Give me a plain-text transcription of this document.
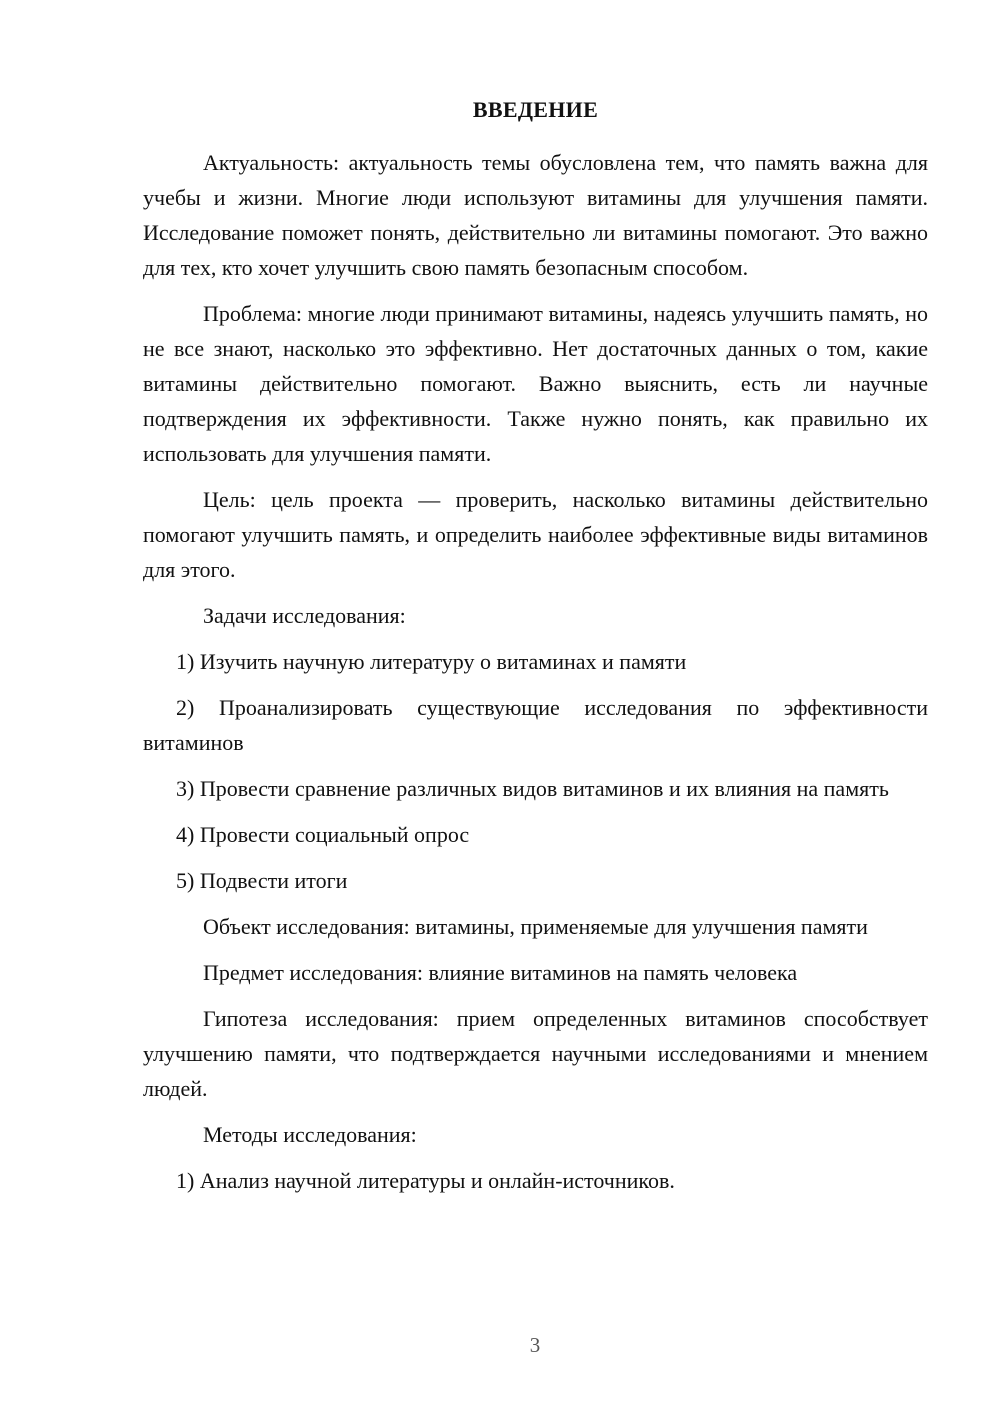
ВВЕДЕНИЕ

Актуальность: актуальность темы обусловлена тем, что память важна для учебы и жизни. Многие люди используют витамины для улучшения памяти. Исследование поможет понять, действительно ли витамины помогают. Это важно для тех, кто хочет улучшить свою память безопасным способом.

Проблема: многие люди принимают витамины, надеясь улучшить память, но не все знают, насколько это эффективно. Нет достаточных данных о том, какие витамины действительно помогают. Важно выяснить, есть ли научные подтверждения их эффективности. Также нужно понять, как правильно их использовать для улучшения памяти.

Цель: цель проекта — проверить, насколько витамины действительно помогают улучшить память, и определить наиболее эффективные виды витаминов для этого.

Задачи исследования:

1) Изучить научную литературу о витаминах и памяти

2) Проанализировать существующие исследования по эффективности витаминов

3) Провести сравнение различных видов витаминов и их влияния на память

4) Провести социальный опрос

5) Подвести итоги

Объект исследования: витамины, применяемые для улучшения памяти

Предмет исследования: влияние витаминов на память человека

Гипотеза исследования: прием определенных витаминов способствует улучшению памяти, что подтверждается научными исследованиями и мнением людей.

Методы исследования:

1) Анализ научной литературы и онлайн-источников.

3
